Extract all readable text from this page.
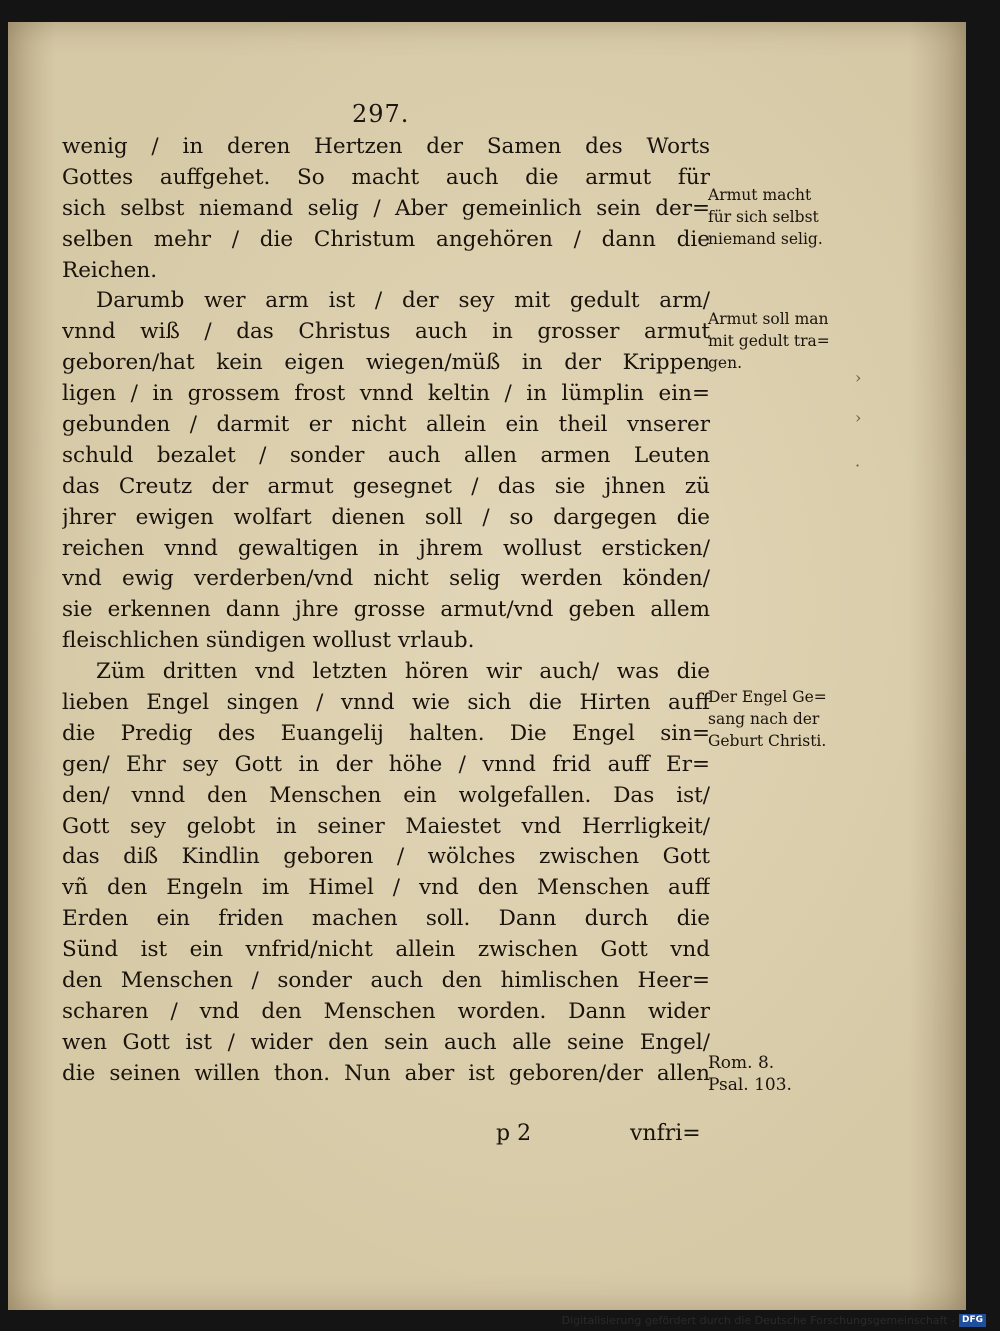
297.
wenig / in deren Hertzen der Samen des Worts
Gottes auffgehet. So macht auch die armut für
sich selbst niemand selig / Aber gemeinlich sein der=
selben mehr / die Christum angehören / dann die
Reichen.
Darumb wer arm ist / der sey mit gedult arm/
vnnd wiß / das Christus auch in grosser armut
geboren/hat kein eigen wiegen/müß in der Krippen
ligen / in grossem frost vnnd keltin / in lümplin ein=
gebunden / darmit er nicht allein ein theil vnserer
schuld bezalet / sonder auch allen armen Leuten
das Creutz der armut gesegnet / das sie jhnen zü
jhrer ewigen wolfart dienen soll / so dargegen die
reichen vnnd gewaltigen in jhrem wollust ersticken/
vnd ewig verderben/vnd nicht selig werden könden/
sie erkennen dann jhre grosse armut/vnd geben allem
fleischlichen sündigen wollust vrlaub.
Züm dritten vnd letzten hören wir auch/ was die
lieben Engel singen / vnnd wie sich die Hirten auff
die Predig des Euangelij halten. Die Engel sin=
gen/ Ehr sey Gott in der höhe / vnnd frid auff Er=
den/ vnnd den Menschen ein wolgefallen. Das ist/
Gott sey gelobt in seiner Maiestet vnd Herrligkeit/
das diß Kindlin geboren / wölches zwischen Gott
vñ den Engeln im Himel / vnd den Menschen auff
Erden ein friden machen soll. Dann durch die
Sünd ist ein vnfrid/nicht allein zwischen Gott vnd
den Menschen / sonder auch den himlischen Heer=
scharen / vnd den Menschen worden. Dann wider
wen Gott ist / wider den sein auch alle seine Engel/
die seinen willen thon. Nun aber ist geboren/der allen
Armut macht
für sich selbst
niemand selig.
Armut soll man
mit gedult tra=
gen.
Der Engel Ge=
sang nach der
Geburt Christi.
Rom. 8.
Psal. 103.
›
›
·
p 2	vnfri=
Digitalisierung gefördert durch die Deutsche Forschungsgemeinschaft - DFG
